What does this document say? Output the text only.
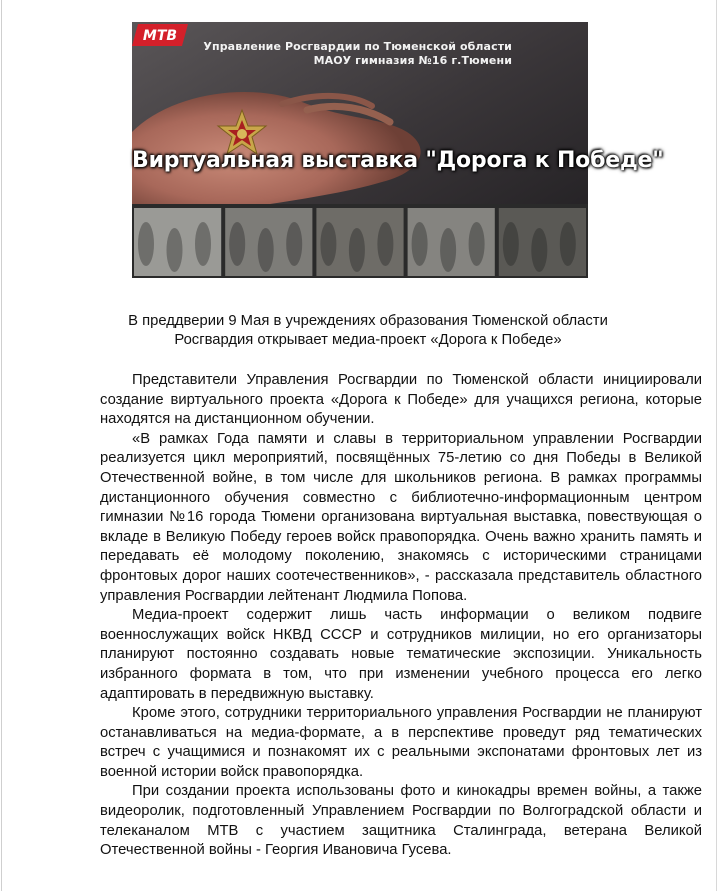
Управление Росгвардии по Тюменской области
МАОУ гимназия №16 г.Тюмени
МТВ
Виртуальная выставка "Дорога к Победе"
В преддверии 9 Мая в учреждениях образования Тюменской области
Росгвардия открывает медиа-проект «Дорога к Победе»

Представители Управления Росгвардии по Тюменской области инициировали создание виртуального проекта «Дорога к Победе» для учащихся региона, которые находятся на дистанционном обучении.

«В рамках Года памяти и славы в территориальном управлении Росгвардии реализуется цикл мероприятий, посвящённых 75-летию со дня Победы в Великой Отечественной войне, в том числе для школьников региона. В рамках программы дистанционного обучения совместно с библиотечно-информационным центром гимназии №16 города Тюмени организована виртуальная выставка, повествующая о вкладе в Великую Победу героев войск правопорядка. Очень важно хранить память и передавать её молодому поколению, знакомясь с историческими страницами фронтовых дорог наших соотечественников», - рассказала представитель областного управления Росгвардии лейтенант Людмила Попова.

Медиа-проект содержит лишь часть информации о великом подвиге военнослужащих войск НКВД СССР и сотрудников милиции, но его организаторы планируют постоянно создавать новые тематические экспозиции. Уникальность избранного формата в том, что при изменении учебного процесса его легко адаптировать в передвижную выставку.

Кроме этого, сотрудники территориального управления Росгвардии не планируют останавливаться на медиа-формате, а в перспективе проведут ряд тематических встреч с учащимися и познакомят их с реальными экспонатами фронтовых лет из военной истории войск правопорядка.

При создании проекта использованы фото и кинокадры времен войны, а также видеоролик, подготовленный Управлением Росгвардии по Волгоградской области и телеканалом МТВ с участием защитника Сталинграда, ветерана Великой Отечественной войны - Георгия Ивановича Гусева.
